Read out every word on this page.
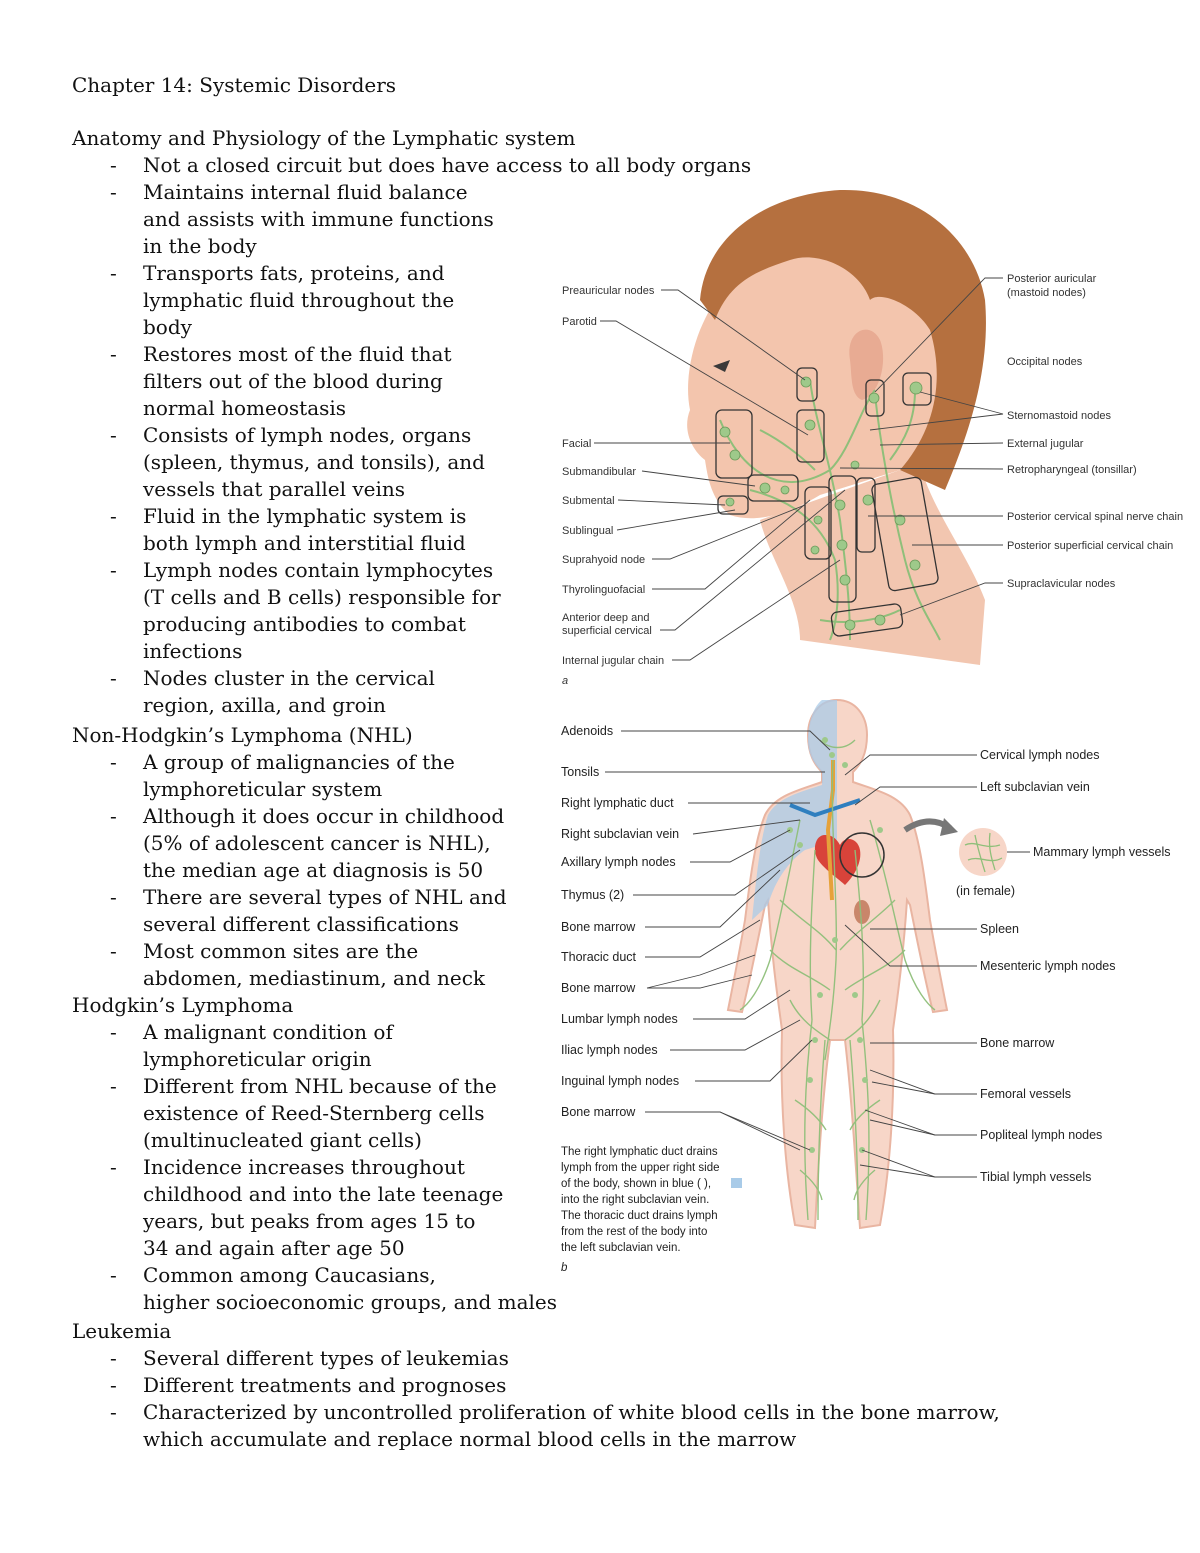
Chapter 14: Systemic Disorders
Anatomy and Physiology of the Lymphatic system
- Not a closed circuit but does have access to all body organs
- Maintains internal fluid balance
and assists with immune functions
in the body
- Transports fats, proteins, and
lymphatic fluid throughout the
body
- Restores most of the fluid that
filters out of the blood during
normal homeostasis
- Consists of lymph nodes, organs
(spleen, thymus, and tonsils), and
vessels that parallel veins
- Fluid in the lymphatic system is
both lymph and interstitial fluid
- Lymph nodes contain lymphocytes
(T cells and B cells) responsible for
producing antibodies to combat
infections
- Nodes cluster in the cervical
region, axilla, and groin
Non-Hodgkin’s Lymphoma (NHL)
- A group of malignancies of the
lymphoreticular system
- Although it does occur in childhood
(5% of adolescent cancer is NHL),
the median age at diagnosis is 50
- There are several types of NHL and
several different classifications
- Most common sites are the
abdomen, mediastinum, and neck
Hodgkin’s Lymphoma
- A malignant condition of
lymphoreticular origin
- Different from NHL because of the
existence of Reed-Sternberg cells
(multinucleated giant cells)
- Incidence increases throughout
childhood and into the late teenage
years, but peaks from ages 15 to
34 and again after age 50
- Common among Caucasians,
higher socioeconomic groups, and males
Leukemia
- Several different types of leukemias
- Different treatments and prognoses
- Characterized by uncontrolled proliferation of white blood cells in the bone marrow,
which accumulate and replace normal blood cells in the marrow
Preauricular nodes
Parotid
Facial
Submandibular
Submental
Sublingual
Suprahyoid node
Thyrolinguofacial
Anterior deep and
superficial cervical
Internal jugular chain
a
Posterior auricular
(mastoid nodes)
Occipital nodes
Sternomastoid nodes
External jugular
Retropharyngeal (tonsillar)
Posterior cervical spinal nerve chain
Posterior superficial cervical chain
Supraclavicular nodes
Adenoids
Tonsils
Right lymphatic duct
Right subclavian vein
Axillary lymph nodes
Thymus (2)
Bone marrow
Thoracic duct
Bone marrow
Lumbar lymph nodes
Iliac lymph nodes
Inguinal lymph nodes
Bone marrow
Cervical lymph nodes
Left subclavian vein
Mammary lymph vessels
(in female)
Spleen
Mesenteric lymph nodes
Bone marrow
Femoral vessels
Popliteal lymph nodes
Tibial lymph vessels
The right lymphatic duct drains
lymph from the upper right side
of the body, shown in blue ( ),
into the right subclavian vein.
The thoracic duct drains lymph
from the rest of the body into
the left subclavian vein.
b
